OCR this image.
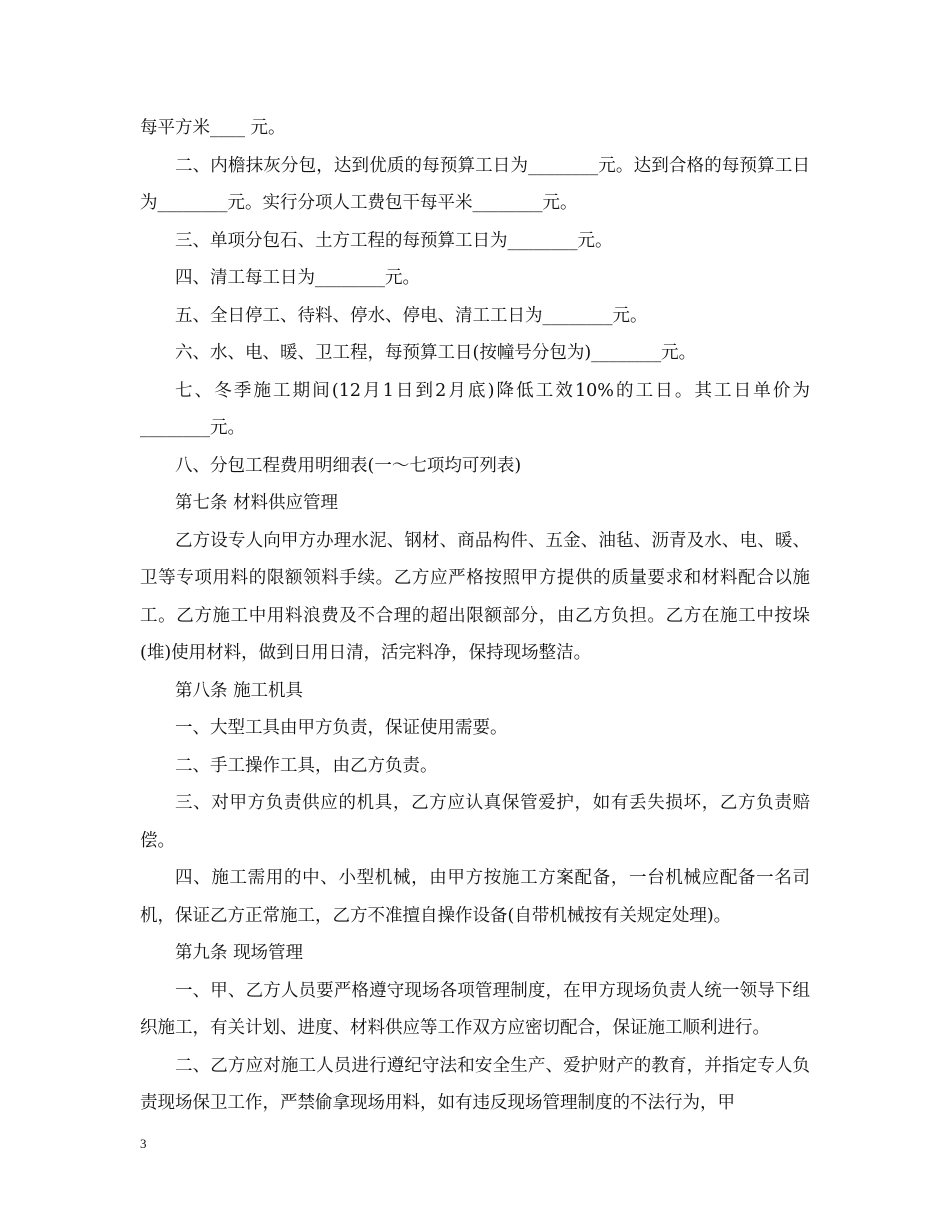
每平方米____ 元。

二、内檐抹灰分包，达到优质的每预算工日为________元。达到合格的每预算工日为________元。实行分项人工费包干每平米________元。

三、单项分包石、土方工程的每预算工日为________元。

四、清工每工日为________元。

五、全日停工、待料、停水、停电、清工工日为________元。

六、水、电、暖、卫工程，每预算工日(按幢号分包为)________元。

七、冬季施工期间(12月1日到2月底)降低工效10%的工日。其工日单价为________元。

八、分包工程费用明细表(一～七项均可列表)

第七条 材料供应管理

乙方设专人向甲方办理水泥、钢材、商品构件、五金、油毡、沥青及水、电、暖、卫等专项用料的限额领料手续。乙方应严格按照甲方提供的质量要求和材料配合以施工。乙方施工中用料浪费及不合理的超出限额部分，由乙方负担。乙方在施工中按垛(堆)使用材料，做到日用日清，活完料净，保持现场整洁。

第八条 施工机具

一、大型工具由甲方负责，保证使用需要。

二、手工操作工具，由乙方负责。

三、对甲方负责供应的机具，乙方应认真保管爱护，如有丢失损坏，乙方负责赔偿。

四、施工需用的中、小型机械，由甲方按施工方案配备，一台机械应配备一名司机，保证乙方正常施工，乙方不准擅自操作设备(自带机械按有关规定处理)。

第九条 现场管理

一、甲、乙方人员要严格遵守现场各项管理制度，在甲方现场负责人统一领导下组织施工，有关计划、进度、材料供应等工作双方应密切配合，保证施工顺利进行。

二、乙方应对施工人员进行遵纪守法和安全生产、爱护财产的教育，并指定专人负责现场保卫工作，严禁偷拿现场用料，如有违反现场管理制度的不法行为，甲

3
